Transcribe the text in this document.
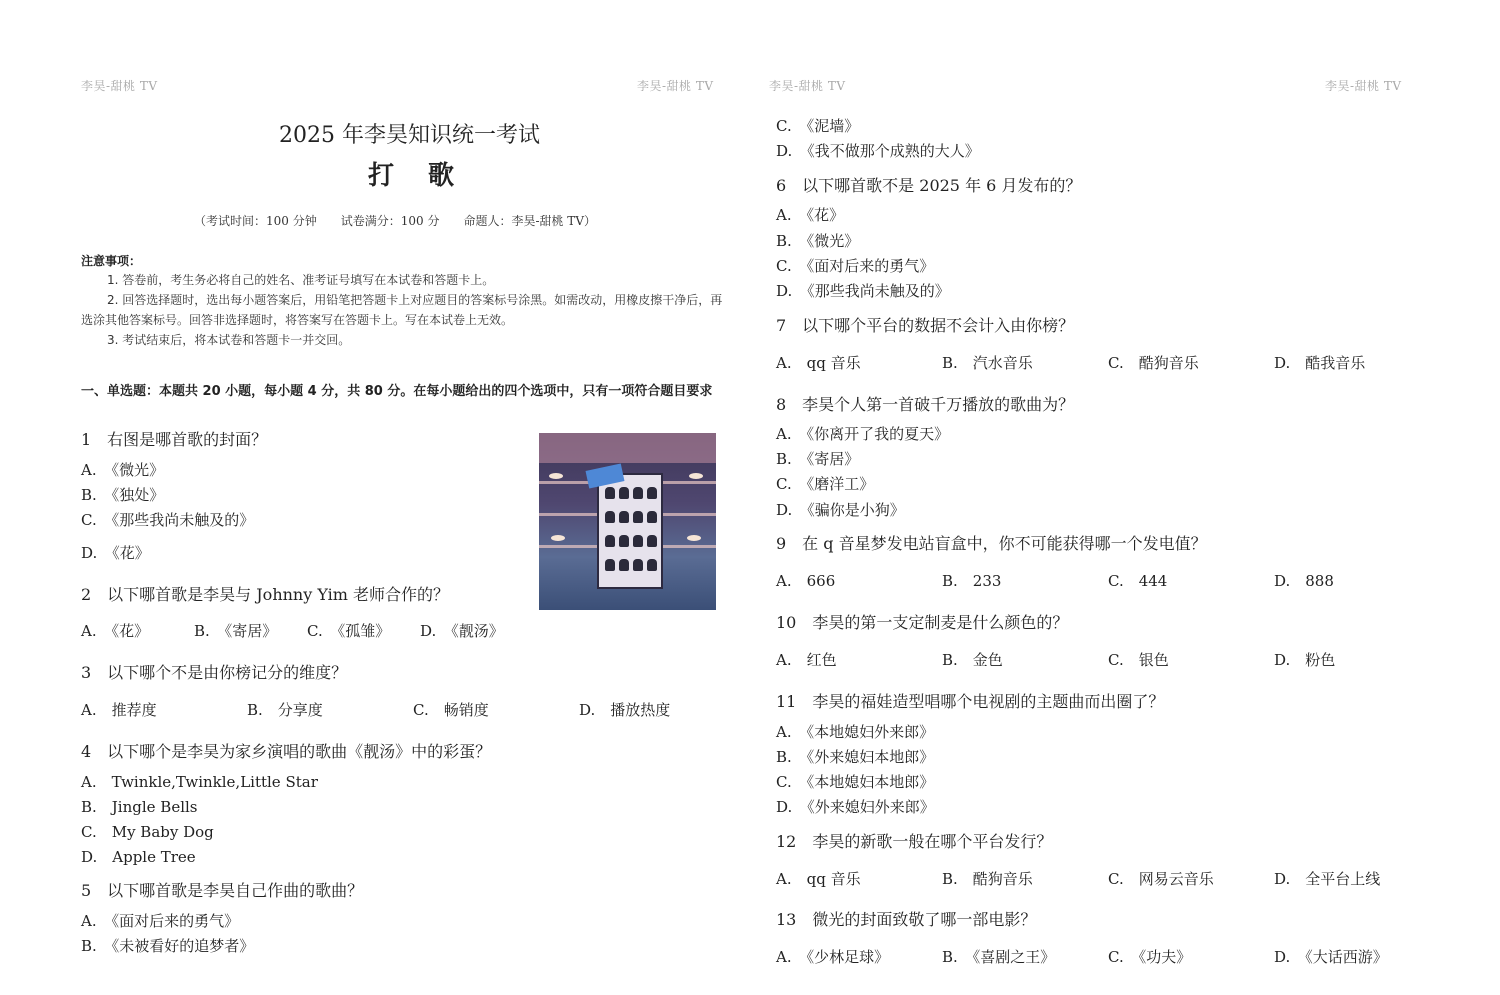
李昊-甜桃 TV	李昊-甜桃 TV
2025 年李昊知识统一考试
打歌
（考试时间：100 分钟　　试卷满分：100 分　　命题人：李昊-甜桃 TV）
注意事项：
1. 答卷前，考生务必将自己的姓名、准考证号填写在本试卷和答题卡上。
2. 回答选择题时，选出每小题答案后，用铅笔把答题卡上对应题目的答案标号涂黑。如需改动，用橡皮擦干净后，再选涂其他答案标号。回答非选择题时，将答案写在答题卡上。写在本试卷上无效。
3. 考试结束后，将本试卷和答题卡一并交回。
一、单选题：本题共 20 小题，每小题 4 分，共 80 分。在每小题给出的四个选项中，只有一项符合题目要求
1　右图是哪首歌的封面？
A.　《微光》
B.　《独处》
C.　《那些我尚未触及的》
D.　《花》
2　以下哪首歌是李昊与 Johnny Yim 老师合作的？
A.　《花》	B.　《寄居》 C.　《孤雏》 D.　《靓汤》
3　以下哪个不是由你榜记分的维度？
A.　推荐度	B.　分享度	C.　畅销度	D.　播放热度
4　以下哪个是李昊为家乡演唱的歌曲《靓汤》中的彩蛋？
A.　Twinkle,Twinkle,Little Star
B.　Jingle Bells
C.　My Baby Dog
D.　Apple Tree
5　以下哪首歌是李昊自己作曲的歌曲？
A.　《面对后来的勇气》
B.　《未被看好的追梦者》
李昊-甜桃 TV	李昊-甜桃 TV
C.　《泥墙》
D.　《我不做那个成熟的大人》
6　以下哪首歌不是 2025 年 6 月发布的？
A.　《花》
B.　《微光》
C.　《面对后来的勇气》
D.　《那些我尚未触及的》
7　以下哪个平台的数据不会计入由你榜？
A.　qq 音乐	B.　汽水音乐	C.　酷狗音乐	D.　酷我音乐
8　李昊个人第一首破千万播放的歌曲为？
A.　《你离开了我的夏天》
B.　《寄居》
C.　《磨洋工》
D.　《骗你是小狗》
9　在 q 音星梦发电站盲盒中，你不可能获得哪一个发电值？
A.　666	B.　233	C.　444	D.　888
10　李昊的第一支定制麦是什么颜色的？
A.　红色	B.　金色	C.　银色	D.　粉色
11　李昊的福娃造型唱哪个电视剧的主题曲而出圈了？
A.　《本地媳妇外来郎》
B.　《外来媳妇本地郎》
C.　《本地媳妇本地郎》
D.　《外来媳妇外来郎》
12　李昊的新歌一般在哪个平台发行？
A.　qq 音乐	B.　酷狗音乐	C.　网易云音乐	D.　全平台上线
13　微光的封面致敬了哪一部电影？
A.　《少林足球》	B.　《喜剧之王》	C.　《功夫》	D.　《大话西游》
